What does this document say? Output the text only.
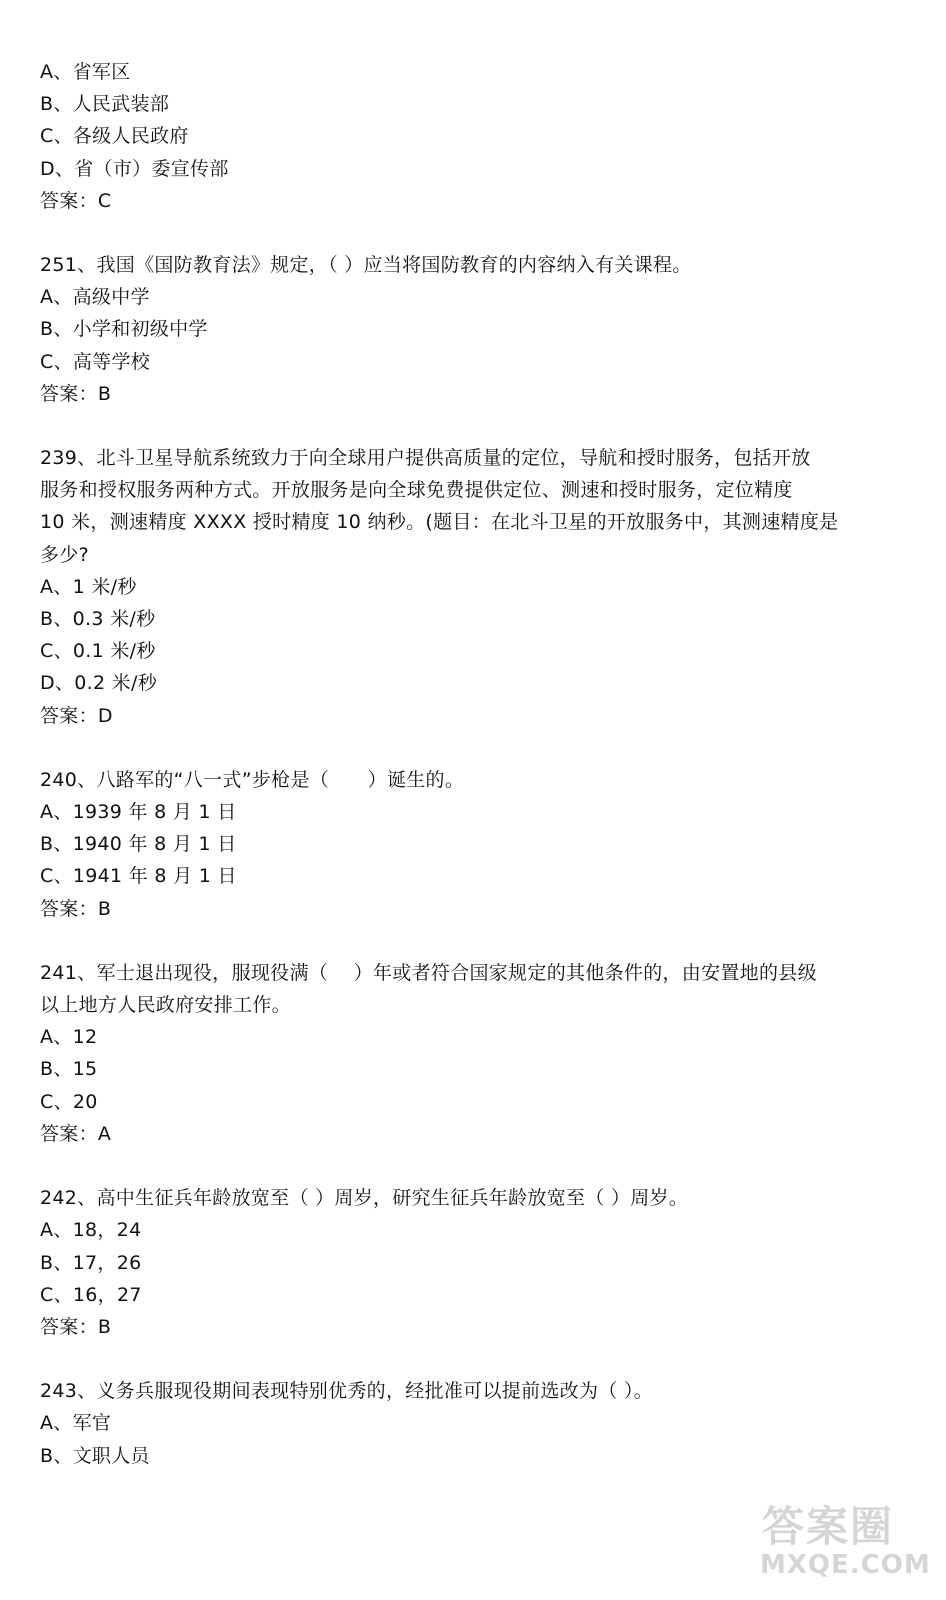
A、省军区
B、人民武装部
C、各级人民政府
D、省（市）委宣传部
答案：C
251、我国《国防教育法》规定，（ ）应当将国防教育的内容纳入有关课程。
A、高级中学
B、小学和初级中学
C、高等学校
答案：B
239、北斗卫星导航系统致力于向全球用户提供高质量的定位，导航和授时服务，包括开放
服务和授权服务两种方式。开放服务是向全球免费提供定位、测速和授时服务，定位精度
10 米，测速精度 XXXX 授时精度 10 纳秒。(题目：在北斗卫星的开放服务中，其测速精度是
多少?
A、1 米/秒
B、0.3 米/秒
C、0.1 米/秒
D、0.2 米/秒
答案：D
240、八路军的“八一式”步枪是（　　）诞生的。
A、1939 年 8 月 1 日
B、1940 年 8 月 1 日
C、1941 年 8 月 1 日
答案：B
241、军士退出现役，服现役满（　 ）年或者符合国家规定的其他条件的，由安置地的县级
以上地方人民政府安排工作。
A、12
B、15
C、20
答案：A
242、高中生征兵年龄放宽至（ ）周岁，研究生征兵年龄放宽至（ ）周岁。
A、18，24
B、17，26
C、16，27
答案：B
243、义务兵服现役期间表现特别优秀的，经批准可以提前选改为（ ）。
A、军官
B、文职人员
答案圈
MXQE.COM
